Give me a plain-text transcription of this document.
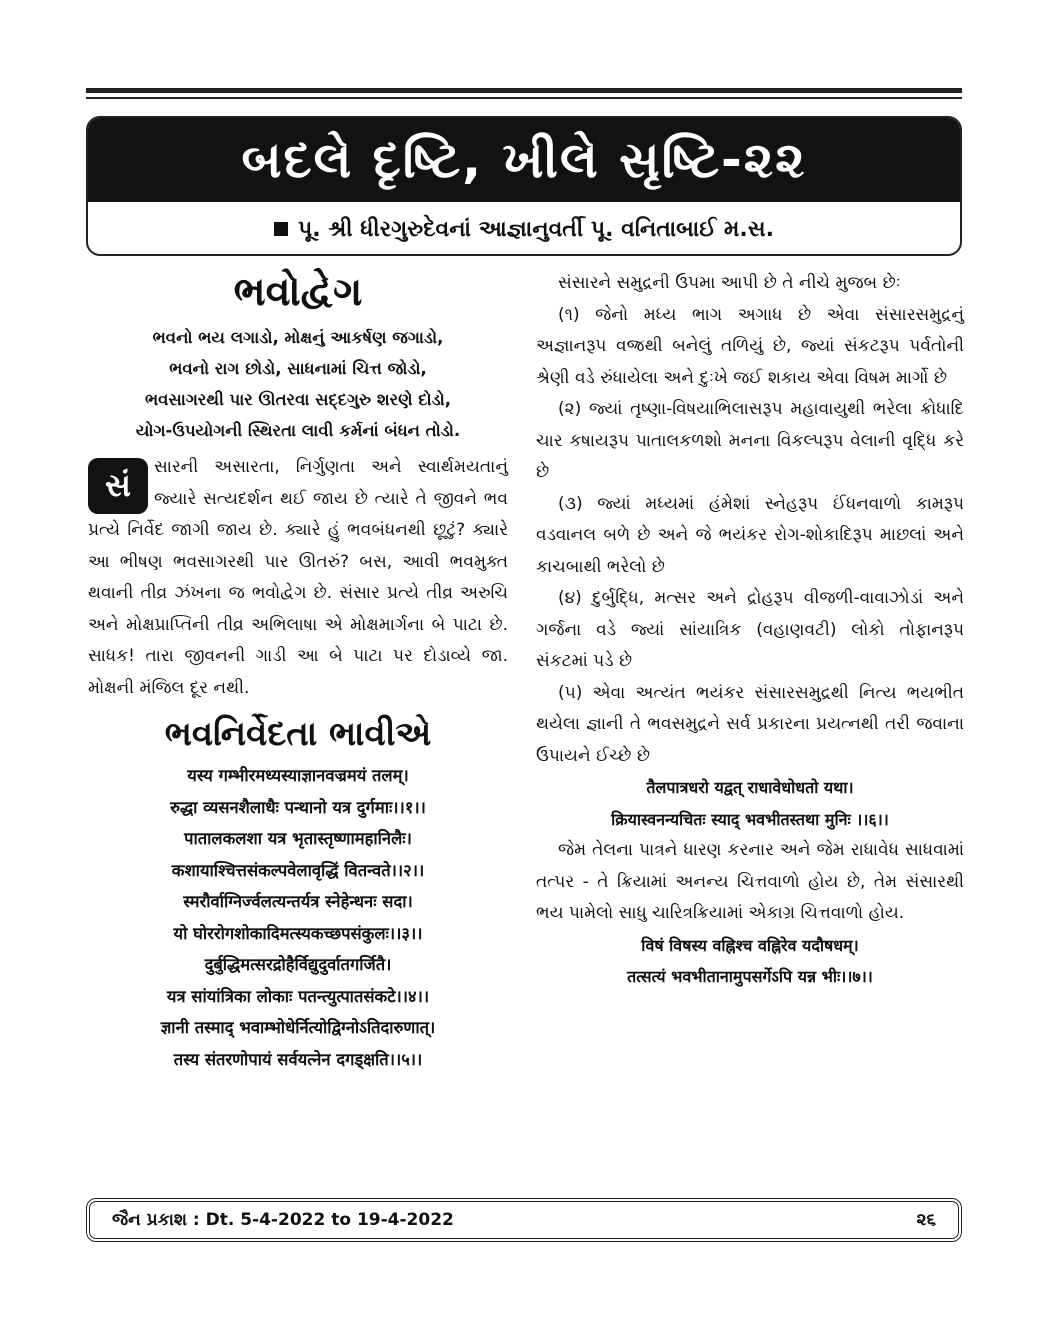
બદલે દૃષ્ટિ, ખીલે સૃષ્ટિ-૨૨
પૂ. શ્રી ધીરગુરુદેવનાં આજ્ઞાનુવર્તી પૂ. વનિતાબાઈ મ.સ.
ભવોદ્વેગ

ભવનો ભય લગાડો, મોક્ષનું આકર્ષણ જગાડો,

ભવનો રાગ છોડો, સાધનામાં ચિત્ત જોડો,

ભવસાગરથી પાર ઊતરવા સદ્દગુરુ શરણે દોડો,

યોગ-ઉપયોગની સ્થિરતા લાવી કર્મનાં બંધન તોડો.

સં	સારની અસારતા, નિર્ગુણતા અને સ્વાર્થમયતાનું જ્યારે સત્યદર્શન થઈ જાય છે ત્યારે તે જીવને ભવ પ્રત્યે નિર્વેદ જાગી જાય છે. ક્યારે હું ભવબંધનથી છૂટું? ક્યારે આ ભીષણ ભવસાગરથી પાર ઊતરું? બસ, આવી ભવમુક્ત થવાની તીવ્ર ઝંખના જ ભવોદ્વેગ છે. સંસાર પ્રત્યે તીવ્ર અરુચિ અને મોક્ષપ્રાપ્તિની તીવ્ર અભિલાષા એ મોક્ષમાર્ગના બે પાટા છે. સાધક! તારા જીવનની ગાડી આ બે પાટા પર દોડાવ્યે જા. મોક્ષની મંજિલ દૂર નથી.

ભવનિર્વેદતા ભાવીએ

यस्य गम्भीरमध्यस्याज्ञानवज्रमयं तलम्।

रुद्धा व्यसनशैलाधैः पन्थानो यत्र दुर्गमाः।।१।।

पातालकलशा यत्र भृतास्तृष्णामहानिलैः।

कशायाश्चित्तसंकल्पवेलावृद्धिं वितन्वते।।२।।

स्मरौर्वाग्निर्ज्वलत्यन्तर्यत्र स्नेहेन्धनः सदा।

यो घोररोगशोकादिमत्स्यकच्छपसंकुलः।।३।।

दुर्बुद्धिमत्सरद्रोहैर्विद्युदुर्वातगर्जितै।

यत्र सांयांत्रिका लोकाः पतन्त्युत्पातसंकटे।।४।।

ज्ञानी तस्माद् भवाम्भोधेर्नित्योद्विग्नोऽतिदारुणात्।

तस्य संतरणोपायं सर्वयत्नेन दगड्क्षति।।५।।

સંસારને સમુદ્રની ઉપમા આપી છે તે નીચે મુજબ છેઃ

(૧) જેનો મધ્ય ભાગ અગાધ છે એવા સંસારસમુદ્રનું અજ્ઞાનરૂપ વજ્રથી બનેલું તળિયું છે, જ્યાં સંકટરૂપ પર્વતોની શ્રેણી વડે રુંધાયેલા અને દુઃખે જઈ શકાય એવા વિષમ માર્ગો છે

(૨) જ્યાં તૃષ્ણા-વિષયાભિલાસરૂપ મહાવાયુથી ભરેલા ક્રોધાદિ ચાર કષાયરૂપ પાતાલકળશો મનના વિકલ્પરૂપ વેલાની વૃદ્ધિ કરે છે

(૩) જ્યાં મધ્યમાં હંમેશાં સ્નેહરૂપ ઈંધનવાળો કામરૂપ વડવાનલ બળે છે અને જે ભયંકર રોગ-શોકાદિરૂપ માછલાં અને કાચબાથી ભરેલો છે

(૪) દુર્બુદ્ધિ, મત્સર અને દ્રોહરૂપ વીજળી-વાવાઝોડાં અને ગર્જના વડે જ્યાં સાંયાત્રિક (વહાણવટી) લોકો તોફાનરૂપ સંકટમાં પડે છે

(૫) એવા અત્યંત ભયંકર સંસારસમુદ્રથી નિત્ય ભયભીત થયેલા જ્ઞાની તે ભવસમુદ્રને સર્વ પ્રકારના પ્રયત્નથી તરી જવાના ઉપાયને ઈચ્છે છે

तैलपात्रधरो यद्वत् राधावेधोधतो यथा।

क्रियास्वनन्यचितः स्याद् भवभीतस्तथा मुनिः ।।६।।

જેમ તેલના પાત્રને ધારણ કરનાર અને જેમ રાધાવેધ સાધવામાં તત્પર - તે ક્રિયામાં અનન્ય ચિત્તવાળો હોય છે, તેમ સંસારથી ભય પામેલો સાધુ ચારિત્રક્રિયામાં એકાગ્ર ચિત્તવાળો હોય.

विषं विषस्य वह्निश्च वह्निरेव यदौषधम्।

तत्सत्यं भवभीतानामुपसर्गेऽपि यन्न भीः।।७।।

જૈન પ્રકાશ : Dt. 5-4-2022 to 19-4-2022	૨૬
